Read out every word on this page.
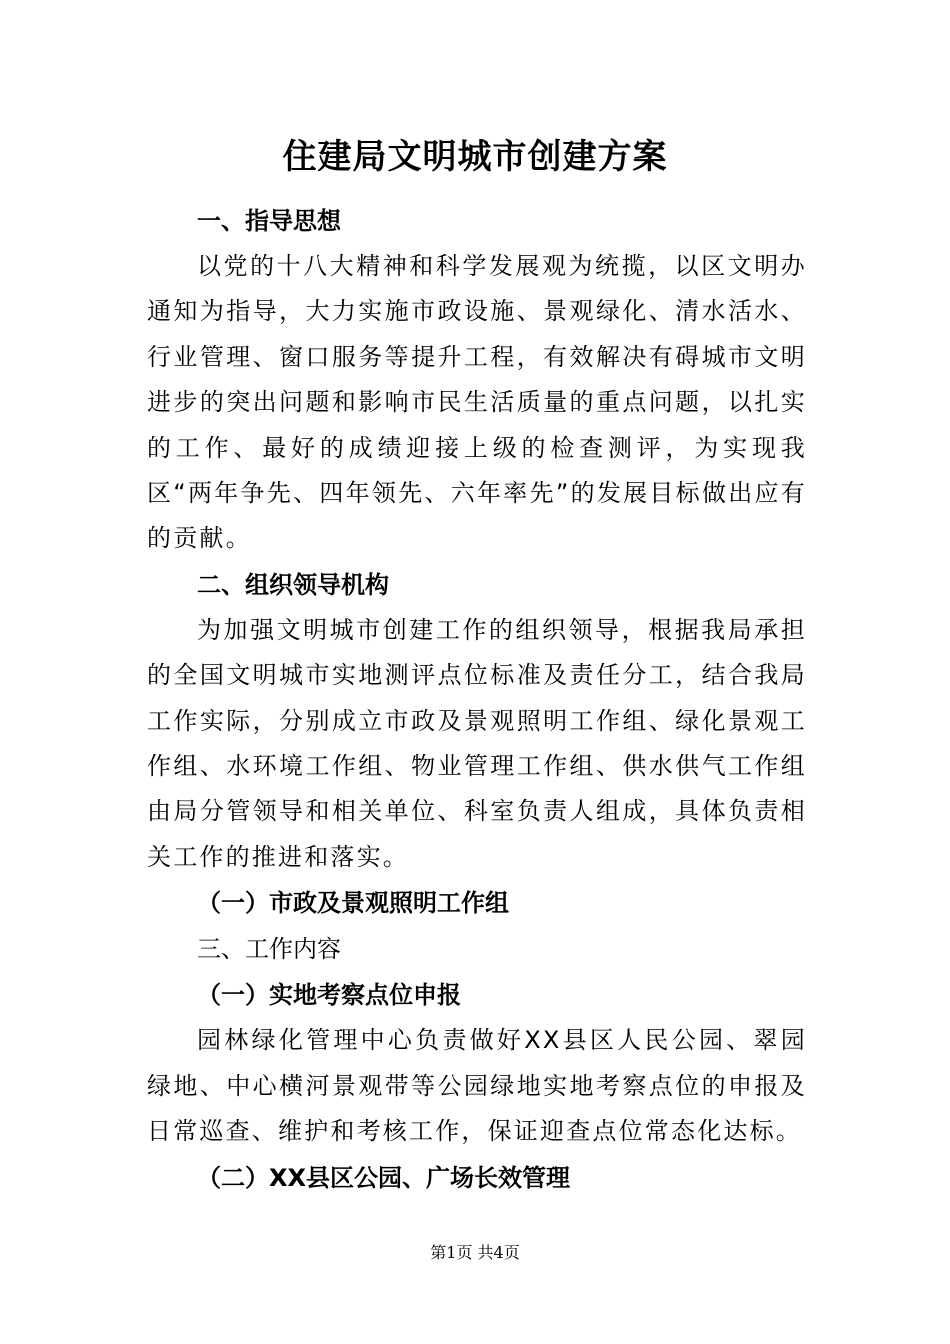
住建局文明城市创建方案

一、指导思想

以党的十八大精神和科学发展观为统揽，以区文明办通知为指导，大力实施市政设施、景观绿化、清水活水、行业管理、窗口服务等提升工程，有效解决有碍城市文明进步的突出问题和影响市民生活质量的重点问题，以扎实的工作、最好的成绩迎接上级的检查测评，为实现我区“两年争先、四年领先、六年率先”的发展目标做出应有的贡献。

二、组织领导机构

为加强文明城市创建工作的组织领导，根据我局承担的全国文明城市实地测评点位标准及责任分工，结合我局工作实际，分别成立市政及景观照明工作组、绿化景观工作组、水环境工作组、物业管理工作组、供水供气工作组由局分管领导和相关单位、科室负责人组成，具体负责相关工作的推进和落实。

（一）市政及景观照明工作组

三、工作内容

（一）实地考察点位申报

园林绿化管理中心负责做好XX县区人民公园、翠园绿地、中心横河景观带等公园绿地实地考察点位的申报及日常巡查、维护和考核工作，保证迎查点位常态化达标。

（二）XX县区公园、广场长效管理

第1页 共4页
